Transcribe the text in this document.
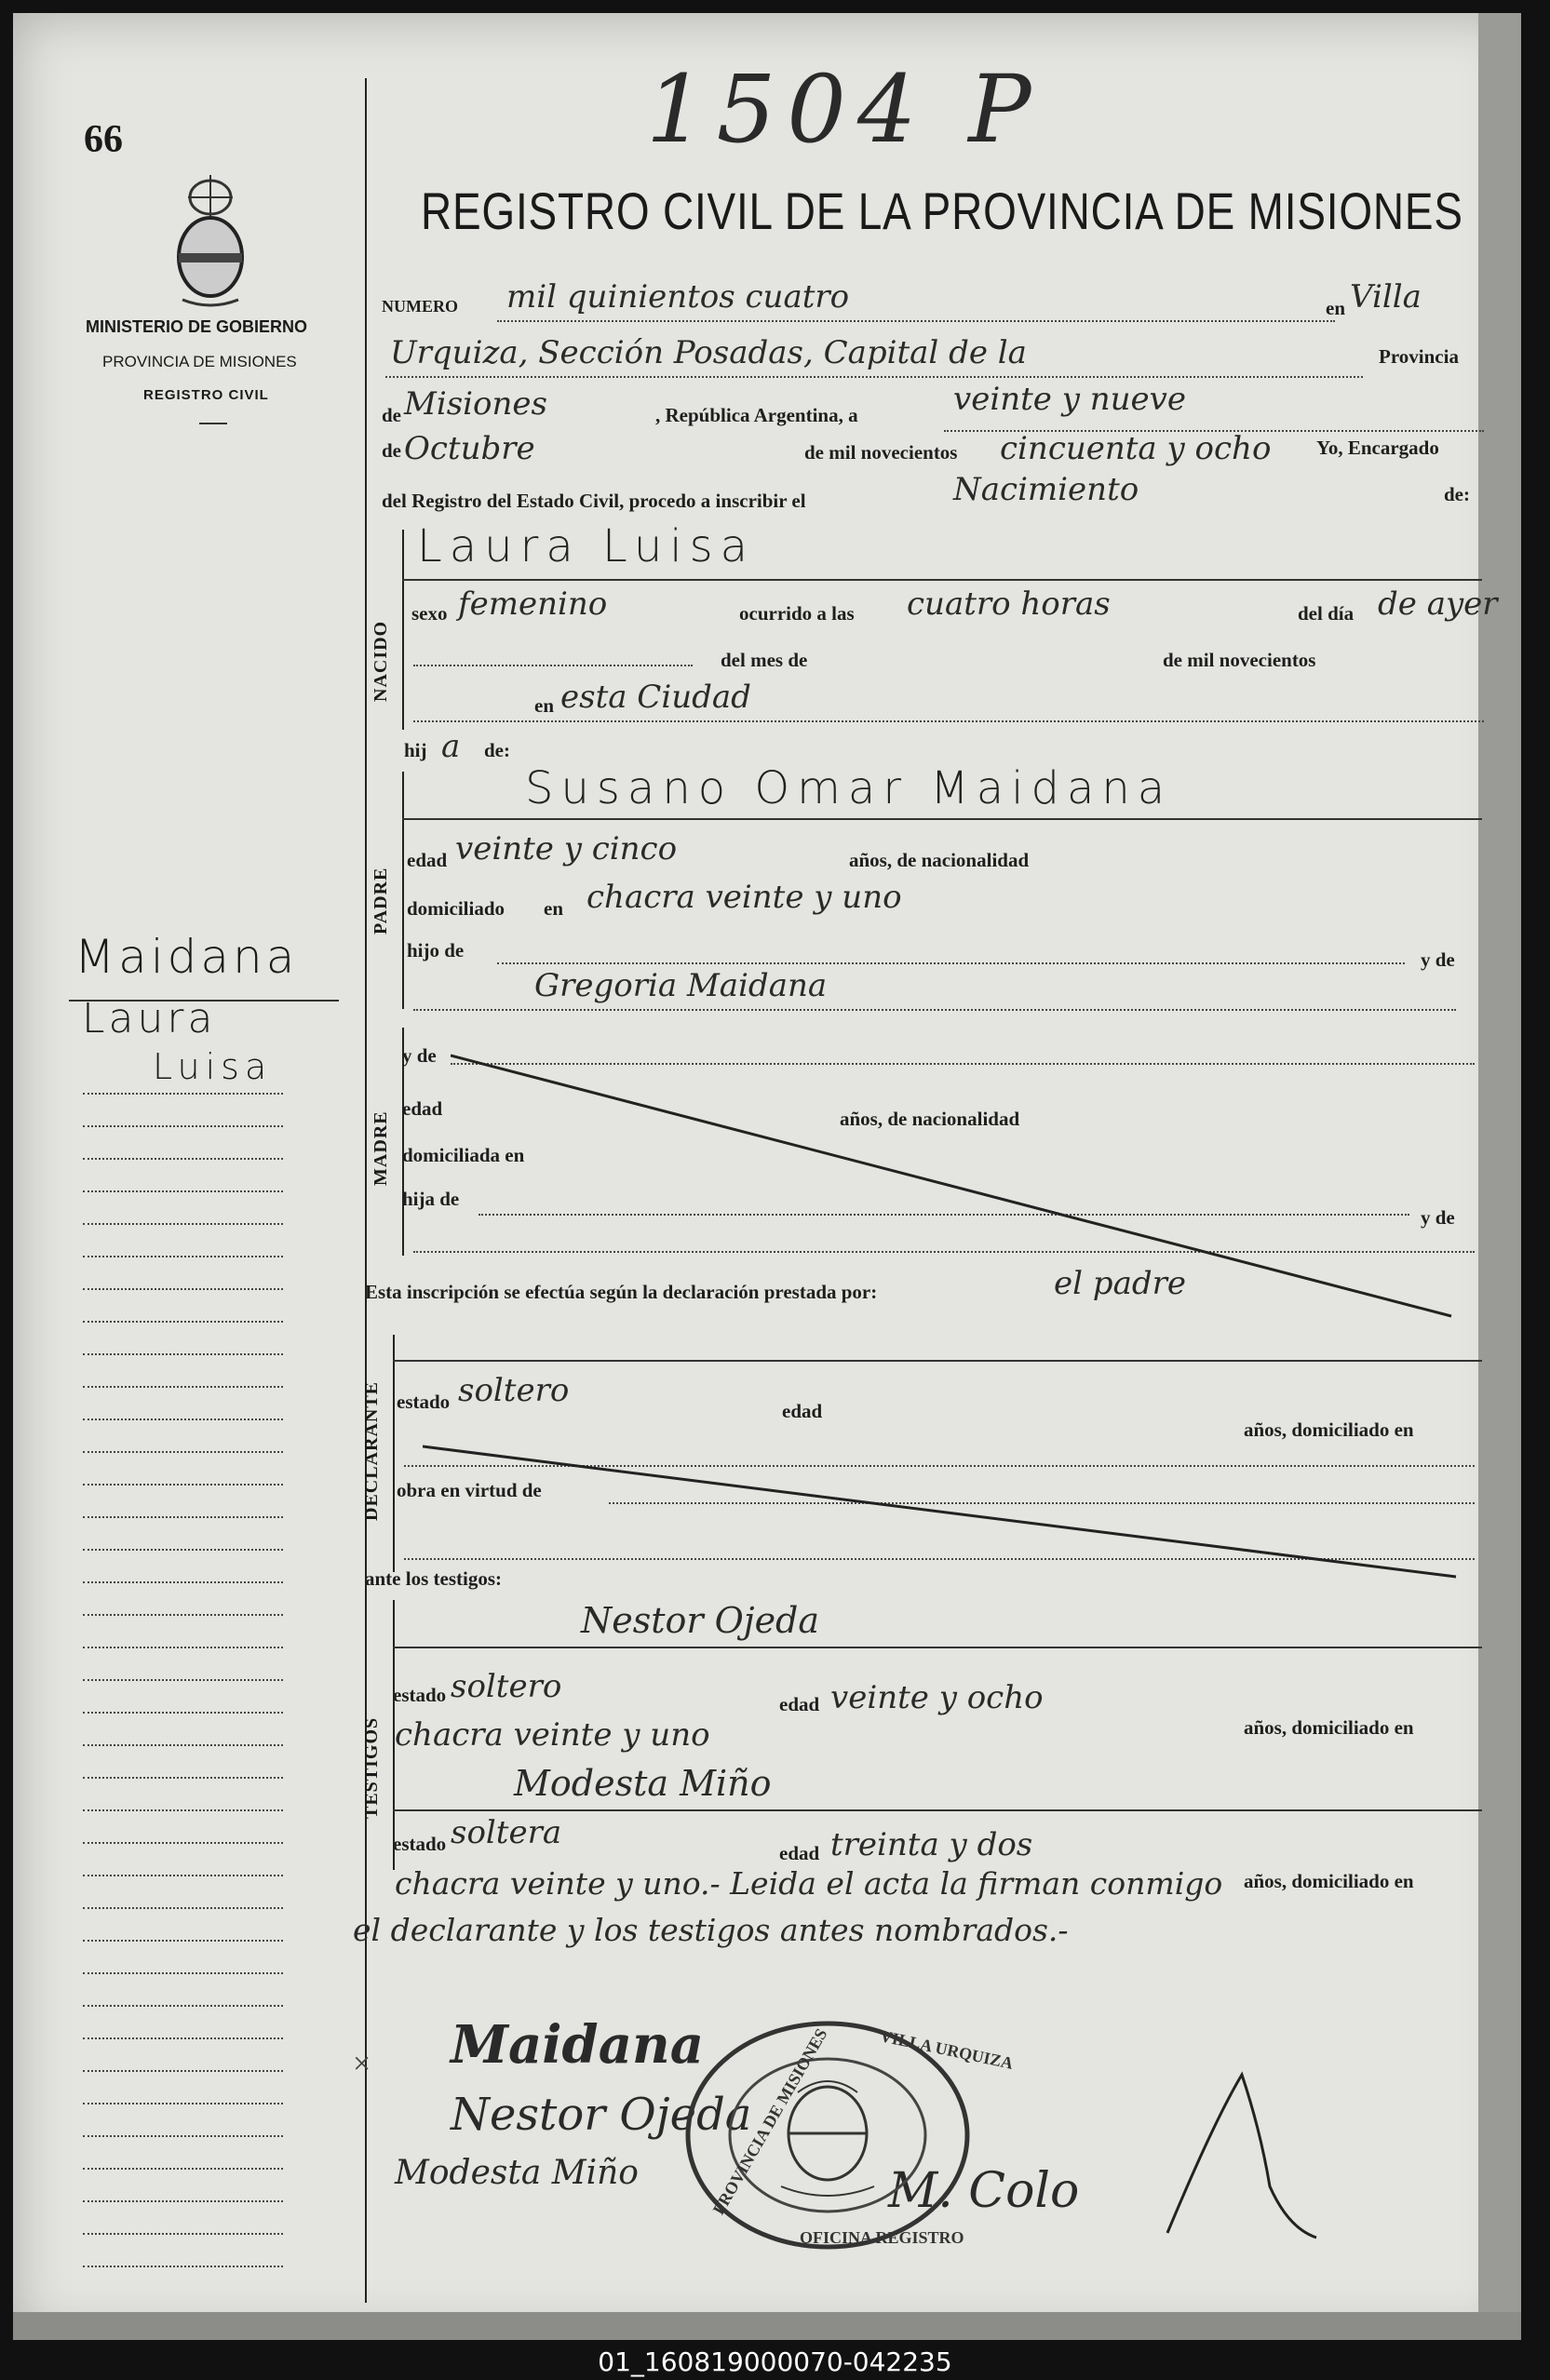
66	1504 P
MINISTERIO DE GOBIERNO
PROVINCIA DE MISIONES
REGISTRO CIVIL
REGISTRO CIVIL DE LA PROVINCIA DE MISIONES
NUMERO mil quinientos cuatro	en Villa
Urquiza, Sección Posadas, Capital de la	Provincia
de Misiones	, República Argentina, a	veinte y nueve
de Octubre	de mil novecientos cincuenta y ocho Yo, Encargado
del Registro del Estado Civil, procedo a inscribir el	Nacimiento	de:
NACIDO
Laura Luisa
sexo femenino	ocurrido a las cuatro horas	del día de ayer
del mes de	de mil novecientos
en esta Ciudad
hij a de:
PADRE
Susano Omar Maidana
edad veinte y cinco	años, de nacionalidad
domiciliado en chacra veinte y uno
hijo de	y de
Gregoria Maidana
MADRE
y de
edad	años, de nacionalidad
domiciliada en
hija de
y de
Esta inscripción se efectúa según la declaración prestada por:	el padre
DECLARANTE estado soltero
edad
años, domiciliado en
obra en virtud de
ante los testigos:
TESTIGOS
Nestor Ojeda
estado soltero	edad veinte y ocho
años, domiciliado en
chacra veinte y uno
Modesta Miño
estado soltera
edad treinta y dos
años, domiciliado en
chacra veinte y uno.- Leida el acta la firman conmigo
el declarante y los testigos antes nombrados.-
Maidana
Laura
Luisa
Maidana
Nestor Ojeda
Modesta Miño	M. Colo
×	VILLA URQUIZA
PROVINCIA DE MISIONES
OFICINA REGISTRO
01_160819000070-042235
